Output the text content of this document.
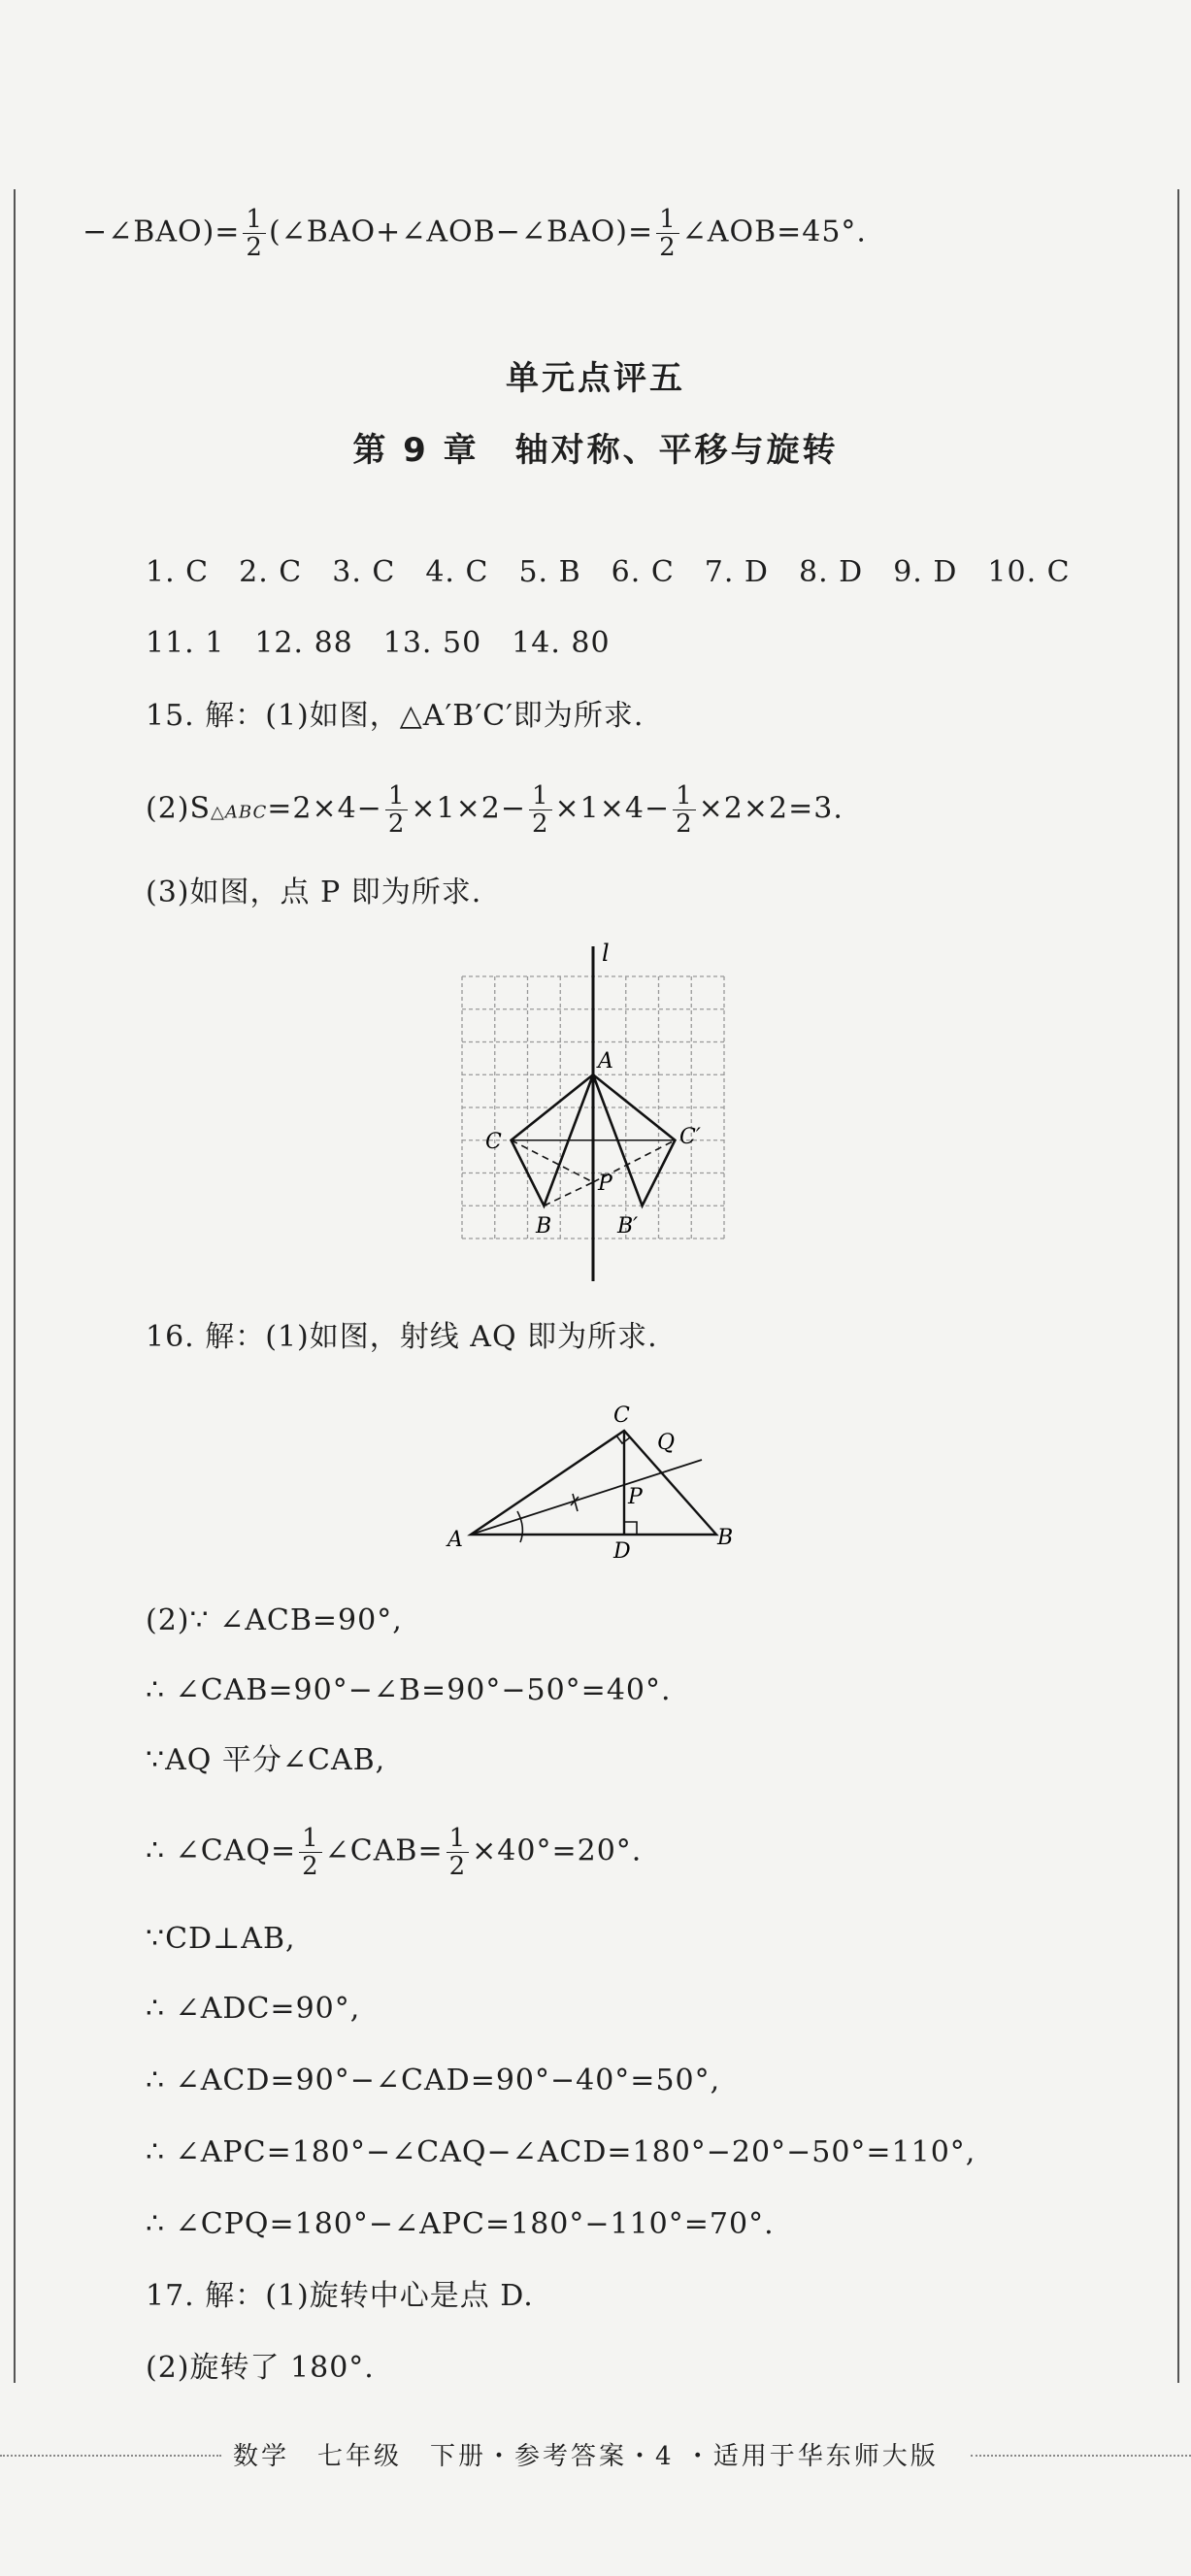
−∠BAO)= $\frac{1}{2}$ (∠BAO+∠AOB−∠BAO)= $\frac{1}{2}$ ∠AOB=45°.
单元点评五
第 9 章　轴对称、平移与旋转
1. C　2. C　3. C　4. C　5. B　6. C　7. D　8. D　9. D　10. C
11. 1　12. 88　13. 50　14. 80
15. 解：(1)如图，△A′B′C′即为所求.
(2)S△ABC=2×4− $\frac{1}{2} \times 1\times 2- \frac{1}{2} \times 1\times 4- \frac{1}{2} \times 2\times 2=3$.
(3)如图，点 P 即为所求.
l
A
C	C′
P
B	B′
16. 解：(1)如图，射线 AQ 即为所求.
C
Q
P
A	D
B
(2)∵ ∠ACB=90°,
∴ ∠CAB=90°−∠B=90°−50°=40°.
∵AQ 平分∠CAB,
∴ ∠CAQ= $\frac{1}{2}$ ∠CAB= $\frac{1}{2} \times 40^\circ=20^\circ$.
∵CD⊥AB,
∴ ∠ADC=90°,
∴ ∠ACD=90°−∠CAD=90°−40°=50°,
∴ ∠APC=180°−∠CAQ−∠ACD=180°−20°−50°=110°,
∴ ∠CPQ=180°−∠APC=180°−110°=70°.
17. 解：(1)旋转中心是点 D.
(2)旋转了 180°.
数学　七年级　下册・参考答案・4 ・适用于华东师大版
